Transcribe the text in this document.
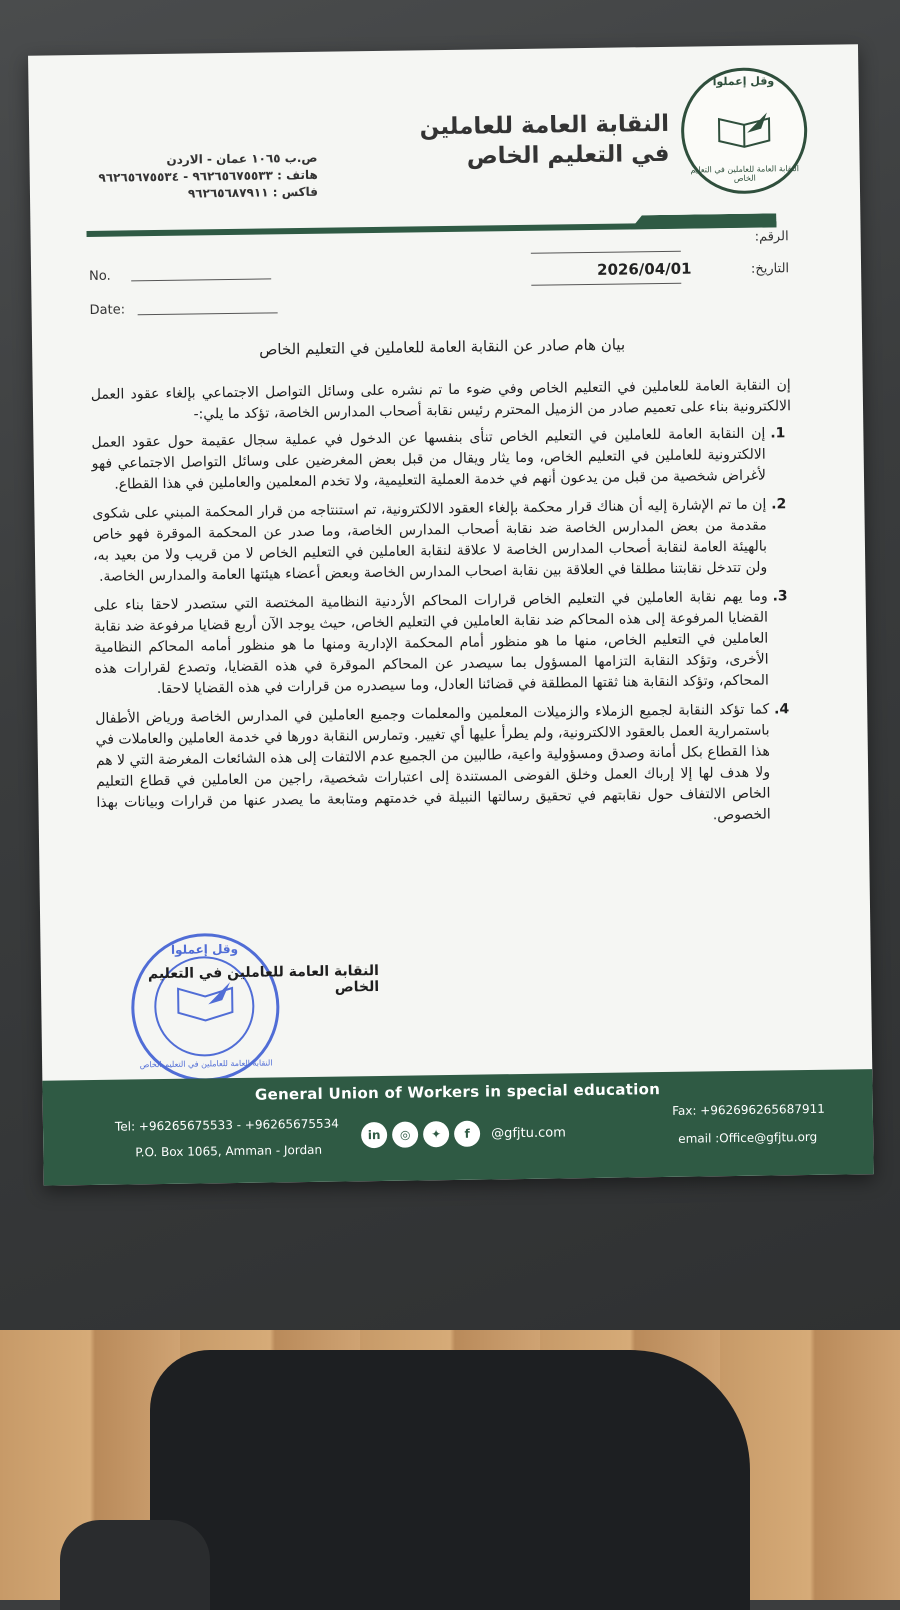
وقل إعملوا
النقابة العامة للعاملين في التعليم الخاص
النقابة العامة للعاملين
في التعليم الخاص
ص.ب ١٠٦٥ عمان - الاردن
هاتف : ٩٦٢٦٥٦٧٥٥٣٣ - ٩٦٢٦٥٦٧٥٥٣٤
فاكس : ٩٦٢٦٥٦٨٧٩١١
الرقم:
التاريخ:
2026/04/01
No.
Date:
بيان هام صادر عن النقابة العامة للعاملين في التعليم الخاص

إن النقابة العامة للعاملين في التعليم الخاص وفي ضوء ما تم نشره على وسائل التواصل الاجتماعي بإلغاء عقود العمل الالكترونية بناء على تعميم صادر من الزميل المحترم رئيس نقابة أصحاب المدارس الخاصة، تؤكد ما يلي:-

1. إن النقابة العامة للعاملين في التعليم الخاص تنأى بنفسها عن الدخول في عملية سجال عقيمة حول عقود العمل الالكترونية للعاملين في التعليم الخاص، وما يثار ويقال من قبل بعض المغرضين على وسائل التواصل الاجتماعي فهو لأغراض شخصية من قبل من يدعون أنهم في خدمة العملية التعليمية، ولا تخدم المعلمين والعاملين في هذا القطاع.
2. إن ما تم الإشارة إليه أن هناك قرار محكمة بإلغاء العقود الالكترونية، تم استنتاجه من قرار المحكمة المبني على شكوى مقدمة من بعض المدارس الخاصة ضد نقابة أصحاب المدارس الخاصة، وما صدر عن المحكمة الموقرة فهو خاص بالهيئة العامة لنقابة أصحاب المدارس الخاصة لا علاقة لنقابة العاملين في التعليم الخاص لا من قريب ولا من بعيد به، ولن تتدخل نقابتنا مطلقا في العلاقة بين نقابة اصحاب المدارس الخاصة وبعض أعضاء هيئتها العامة والمدارس الخاصة.
3. وما يهم نقابة العاملين في التعليم الخاص قرارات المحاكم الأردنية النظامية المختصة التي ستصدر لاحقا بناء على القضايا المرفوعة إلى هذه المحاكم ضد نقابة العاملين في التعليم الخاص، حيث يوجد الآن أربع قضايا مرفوعة ضد نقابة العاملين في التعليم الخاص، منها ما هو منظور أمام المحكمة الإدارية ومنها ما هو منظور أمامه المحاكم النظامية الأخرى، وتؤكد النقابة التزامها المسؤول بما سيصدر عن المحاكم الموقرة في هذه القضايا، وتصدع لقرارات هذه المحاكم، وتؤكد النقابة هنا ثقتها المطلقة في قضائنا العادل، وما سيصدره من قرارات في هذه القضايا لاحقا.
4. كما تؤكد النقابة لجميع الزملاء والزميلات المعلمين والمعلمات وجميع العاملين في المدارس الخاصة ورياض الأطفال باستمرارية العمل بالعقود الالكترونية، ولم يطرأ عليها أي تغيير. وتمارس النقابة دورها في خدمة العاملين والعاملات في هذا القطاع بكل أمانة وصدق ومسؤولية واعية، طالبين من الجميع عدم الالتفات إلى هذه الشائعات المغرضة التي لا هم ولا هدف لها إلا إرباك العمل وخلق الفوضى المستندة إلى اعتبارات شخصية، راجين من العاملين في قطاع التعليم الخاص الالتفاف حول نقابتهم في تحقيق رسالتها النبيلة في خدمتهم ومتابعة ما يصدر عنها من قرارات وبيانات بهذا الخصوص.
وقل إعملوا
النقابة العامة للعاملين في التعليم الخاص
النقابة العامة للعاملين في التعليم الخاص
General Union of Workers in special education
Tel: +96265675533 - +96265675534
P.O. Box 1065, Amman - Jordan
Fax: +962696265687911
email :Office@gfjtu.org
in	◎	✦	f	@gfjtu.com
